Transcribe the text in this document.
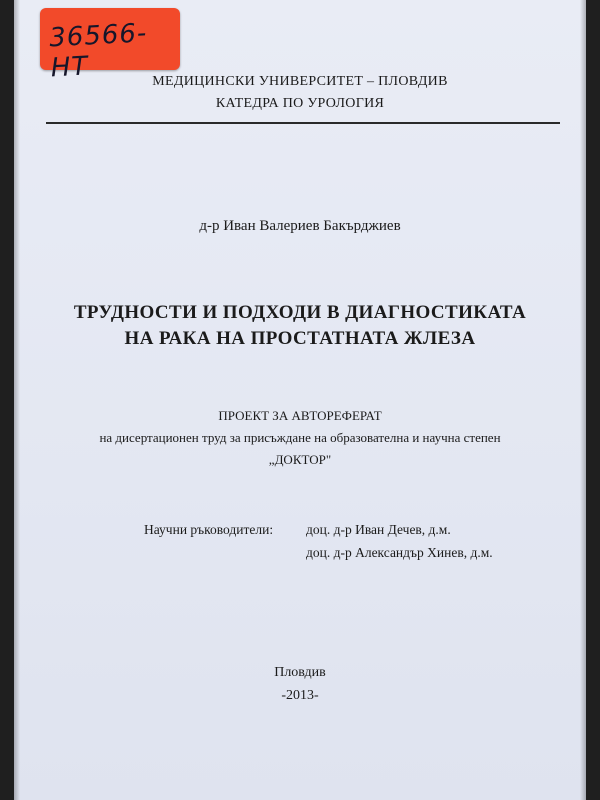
36566-НТ	МЕДИЦИНСКИ УНИВЕРСИТЕТ – ПЛОВДИВ
КАТЕДРА ПО УРОЛОГИЯ
д-р Иван Валериев Бакърджиев
ТРУДНОСТИ И ПОДХОДИ В ДИАГНОСТИКАТА
НА РАКА НА ПРОСТАТНАТА ЖЛЕЗА
ПРОЕКТ ЗА АВТОРЕФЕРАТ
на дисертационен труд за присъждане на образователна и научна степен
„ДОКТОР"
Научни ръководители: доц. д-р Иван Дечев, д.м.
доц. д-р Александър Хинев, д.м.
Пловдив
-2013-
